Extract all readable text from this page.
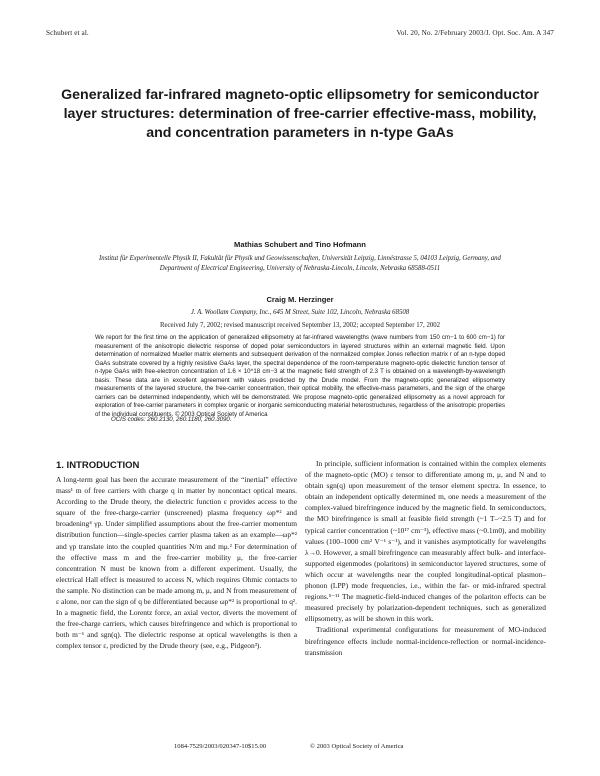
Schubert et al.	Vol. 20, No. 2/February 2003/J. Opt. Soc. Am. A 347
Generalized far-infrared magneto-optic ellipsometry for semiconductor layer structures: determination of free-carrier effective-mass, mobility, and concentration parameters in n-type GaAs
Mathias Schubert and Tino Hofmann
Institut für Experimentelle Physik II, Fakultät für Physik und Geowissenschaften, Universität Leipzig, Linnéstrasse 5, 04103 Leipzig, Germany, and Department of Electrical Engineering, University of Nebraska-Lincoln, Lincoln, Nebraska 68588-0511
Craig M. Herzinger
J. A. Woollam Company, Inc., 645 M Street, Suite 102, Lincoln, Nebraska 68508
Received July 7, 2002; revised manuscript received September 13, 2002; accepted September 17, 2002

We report for the first time on the application of generalized ellipsometry at far-infrared wavelengths (wave numbers from 150 cm−1 to 600 cm−1) for measurement of the anisotropic dielectric response of doped polar semiconductors in layered structures within an external magnetic field. Upon determination of normalized Mueller matrix elements and subsequent derivation of the normalized complex Jones reflection matrix r of an n-type doped GaAs substrate covered by a highly resistive GaAs layer, the spectral dependence of the room-temperature magneto-optic dielectric function tensor of n-type GaAs with free-electron concentration of 1.6 × 10^18 cm−3 at the magnetic field strength of 2.3 T is obtained on a wavelength-by-wavelength basis. These data are in excellent agreement with values predicted by the Drude model. From the magneto-optic generalized ellipsometry measurements of the layered structure, the free-carrier concentration, their optical mobility, the effective-mass parameters, and the sign of the charge carriers can be determined independently, which will be demonstrated. We propose magneto-optic generalized ellipsometry as a novel approach for exploration of free-carrier parameters in complex organic or inorganic semiconducting material heterostructures, regardless of the anisotropic properties of the individual constituents. © 2003 Optical Society of America

OCIS codes: 260.2130, 260.1180, 260.3090.
1. INTRODUCTION

A long-term goal has been the accurate measurement of the “inertial” effective mass¹ m of free carriers with charge q in matter by noncontact optical means. According to the Drude theory, the dielectric function ε provides access to the square of the free-charge-carrier (unscreened) plasma frequency ωp*² and broadening⁴ γp. Under simplified assumptions about the free-carrier momentum distribution function—single-species carrier plasma taken as an example—ωp*² and γp translate into the coupled quantities N/m and mμ.² For determination of the effective mass m and the free-carrier mobility μ, the free-carrier concentration N must be known from a different experiment. Usually, the electrical Hall effect is measured to access N, which requires Ohmic contacts to the sample. No distinction can be made among m, μ, and N from measurement of ε alone, nor can the sign of q be differentiated because ωp*² is proportional to q². In a magnetic field, the Lorentz force, an axial vector, diverts the movement of the free-charge carriers, which causes birefringence and which is proportional to both m⁻¹ and sgn(q). The dielectric response at optical wavelengths is then a complex tensor ε, predicted by the Drude theory (see, e.g., Pidgeon³).

In principle, sufficient information is contained within the complex elements of the magneto-optic (MO) ε tensor to differentiate among m, μ, and N and to obtain sgn(q) upon measurement of the tensor element spectra. In essence, to obtain an independent optically determined m, one needs a measurement of the complex-valued birefringence induced by the magnetic field. In semiconductors, the MO birefringence is small at feasible field strength (~1 T–~2.5 T) and for typical carrier concentration (~10¹⁷ cm⁻³), effective mass (~0.1m0), and mobility values (100–1000 cm² V⁻¹ s⁻¹), and it vanishes asymptotically for wavelengths λ→0. However, a small birefringence can measurably affect bulk- and interface-supported eigenmodes (polaritons) in semiconductor layered structures, some of which occur at wavelengths near the coupled longitudinal-optical plasmon–phonon (LPP) mode frequencies, i.e., within the far- or mid-infrared spectral regions.⁵⁻¹¹ The magnetic-field-induced changes of the polariton effects can be measured precisely by polarization-dependent techniques, such as generalized ellipsometry, as will be shown in this work.

Traditional experimental configurations for measurement of MO-induced birefringence effects include normal-incidence-reflection or normal-incidence-transmission

1084-7529/2003/020347-10$15.00	© 2003 Optical Society of America
